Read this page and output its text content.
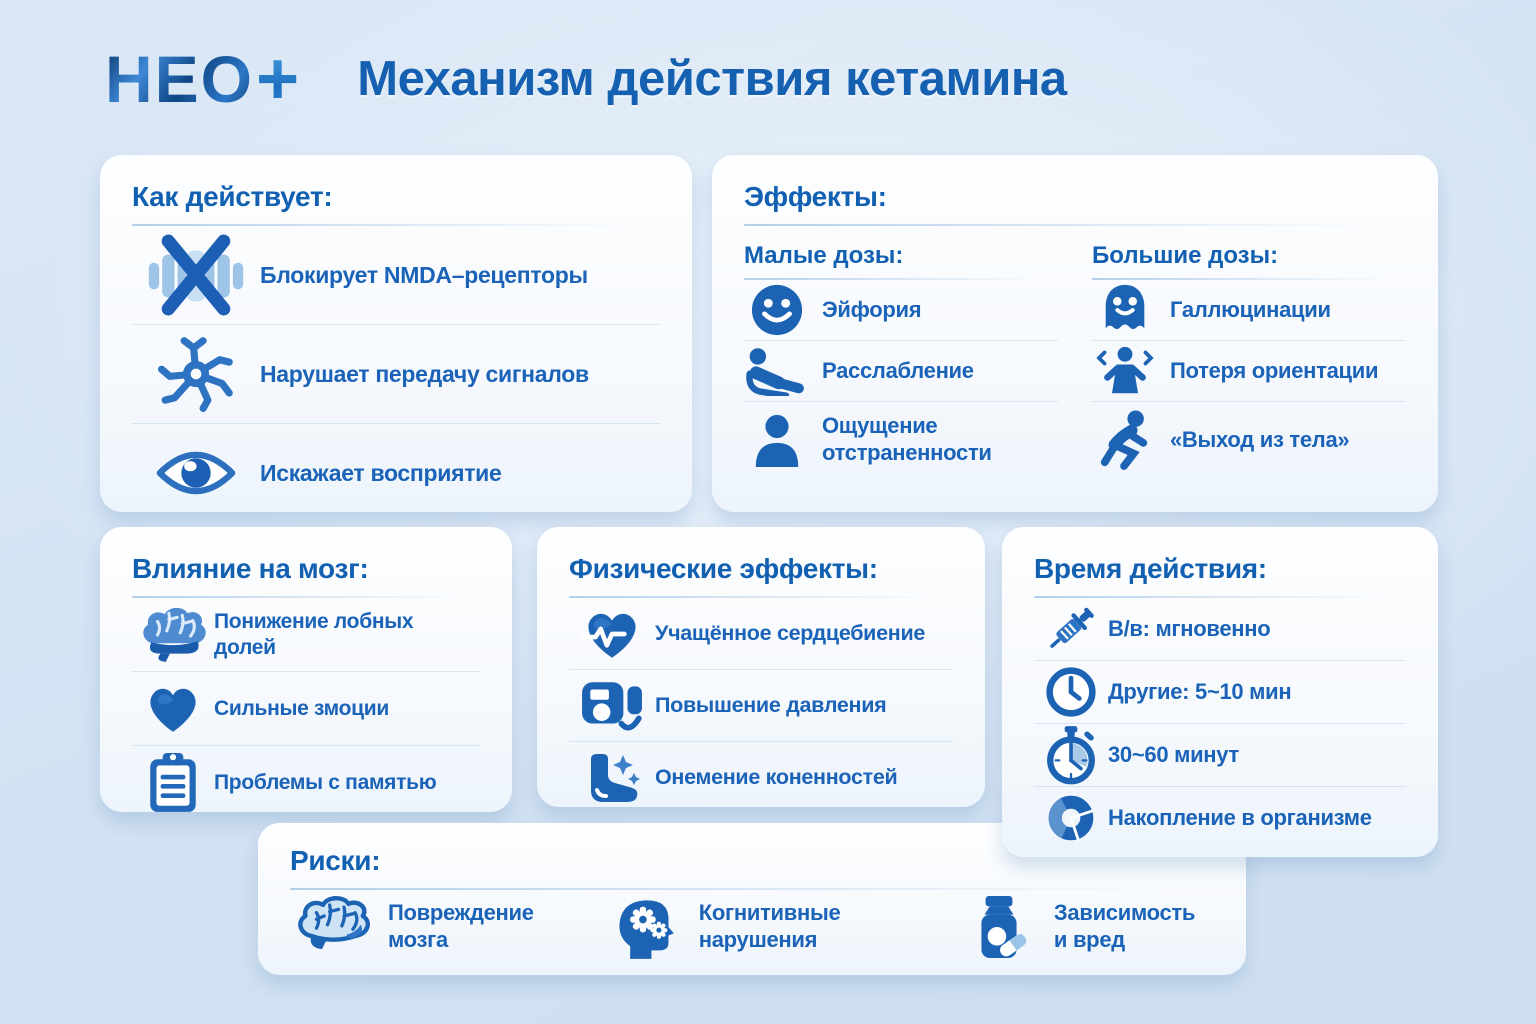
НЕО + Механизм действия кетамина
Как действует:
Блокирует NMDA–рецепторы
Нарушает передачу сигналов
Искажает восприятие
Эффекты:
Малые дозы:
Эйфория
Расслабление
Ощущение отстраненности
Большие дозы:
Галлюцинации
Потеря ориентации
«Выход из тела»
Влияние на мозг:
Понижение лобных долей
Сильные змоции
Проблемы с памятью
Физические эффекты:
Учащённое сердцебиение
Повышение давления
Онемение коненностей
Время действия:
В/в: мгновенно
Другие: 5~10 мин
30~60 минут
Накопление в организме
Риски:
Повреждение мозга
Когнитивные нарушения
Зависимость и вред
